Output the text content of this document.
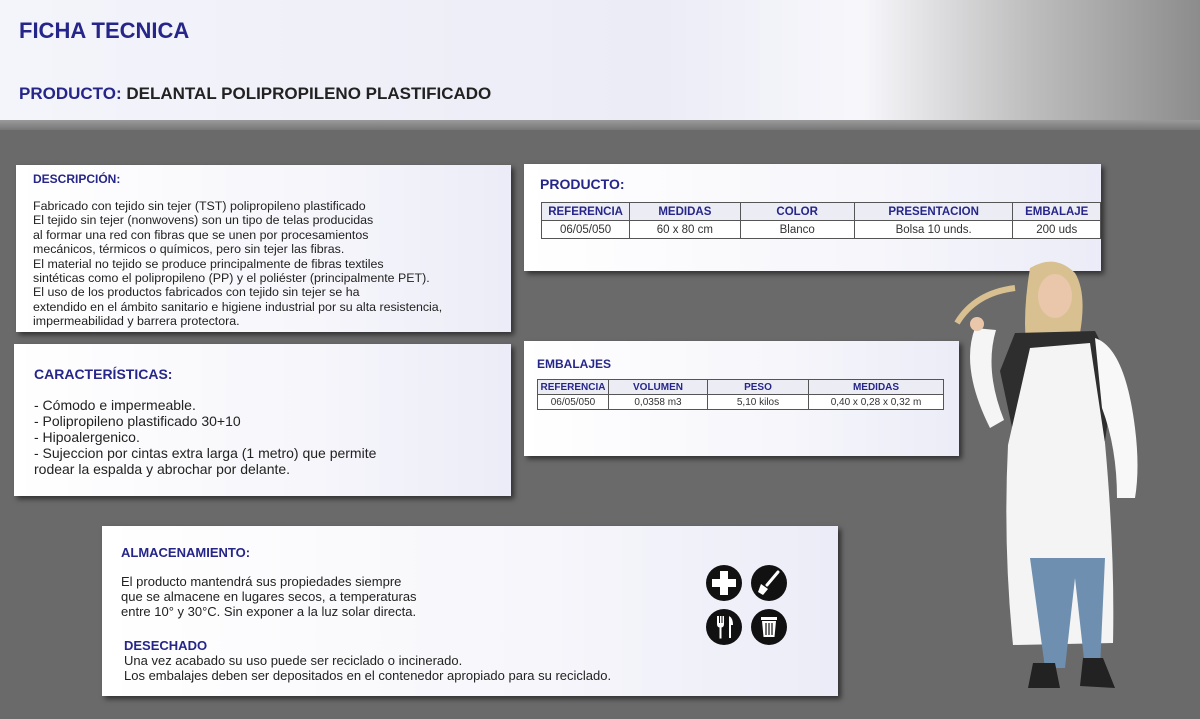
FICHA TECNICA
PRODUCTO: DELANTAL POLIPROPILENO PLASTIFICADO
DESCRIPCIÓN:
Fabricado con tejido sin tejer (TST) polipropileno plastificado
El tejido sin tejer (nonwovens) son un tipo de telas producidas
al formar una red con fibras que se unen por procesamientos
mecánicos, térmicos o químicos, pero sin tejer las fibras.
El material no tejido se produce principalmente de fibras textiles
sintéticas como el polipropileno (PP) y el poliéster (principalmente PET).
El uso de los productos fabricados con tejido sin tejer se ha
extendido en el ámbito sanitario e higiene industrial por su alta resistencia,
impermeabilidad y barrera protectora.
CARACTERÍSTICAS:
- Cómodo e impermeable.
- Polipropileno plastificado 30+10
- Hipoalergenico.
- Sujeccion por cintas extra larga (1 metro) que permite
rodear la espalda y abrochar por delante.
PRODUCTO:
REFERENCIA	MEDIDAS	COLOR	PRESENTACION	EMBALAJE
06/05/050	60 x 80 cm	Blanco	Bolsa 10 unds.	200 uds
EMBALAJES
REFERENCIA	VOLUMEN	PESO	MEDIDAS
06/05/050	0,0358 m3	5,10 kilos	0,40 x 0,28 x 0,32 m
ALMACENAMIENTO:
El producto mantendrá sus propiedades siempre
que se almacene en lugares secos, a temperaturas
entre 10° y 30°C. Sin exponer a la luz solar directa.
DESECHADO
Una vez acabado su uso puede ser reciclado o incinerado.
Los embalajes deben ser depositados en el contenedor apropiado para su reciclado.
